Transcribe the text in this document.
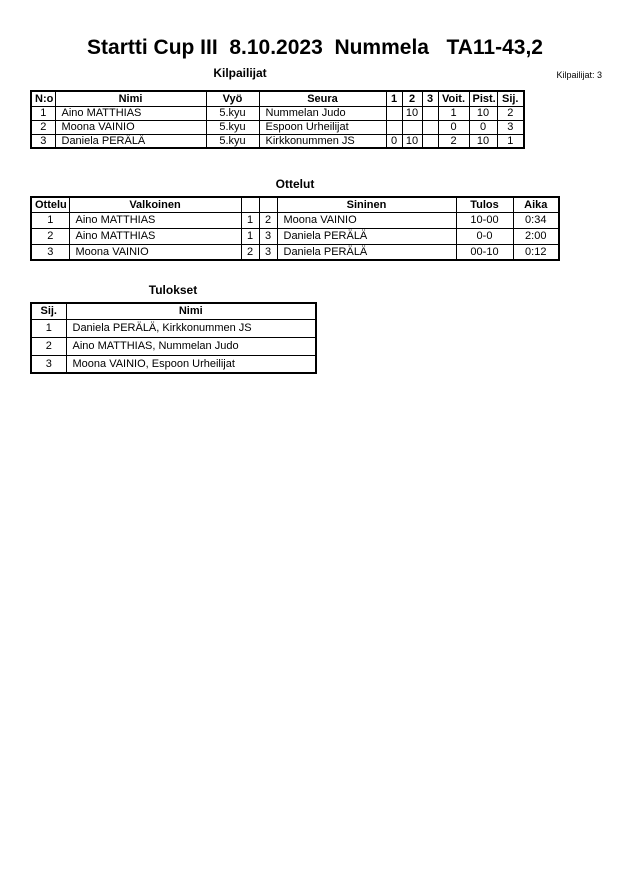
Startti Cup III  8.10.2023  Nummela   TA11-43,2
Kilpailijat	Kilpailijat: 3
N:o	Nimi	Vyö	Seura	1	2	3	Voit.	Pist.	Sij.
1	Aino MATTHIAS	5.kyu	Nummelan Judo		10		1	10	2
2	Moona VAINIO	5.kyu	Espoon Urheilijat				0	0	3
3	Daniela PERÄLÄ	5.kyu	Kirkkonummen JS	0	10		2	10	1
Ottelut
Ottelu	Valkoinen			Sininen	Tulos	Aika
1	Aino MATTHIAS	1	2	Moona VAINIO	10-00	0:34
2	Aino MATTHIAS	1	3	Daniela PERÄLÄ	0-0	2:00
3	Moona VAINIO	2	3	Daniela PERÄLÄ	00-10	0:12
Tulokset
Sij.	Nimi
1	Daniela PERÄLÄ, Kirkkonummen JS
2	Aino MATTHIAS, Nummelan Judo
3	Moona VAINIO, Espoon Urheilijat
